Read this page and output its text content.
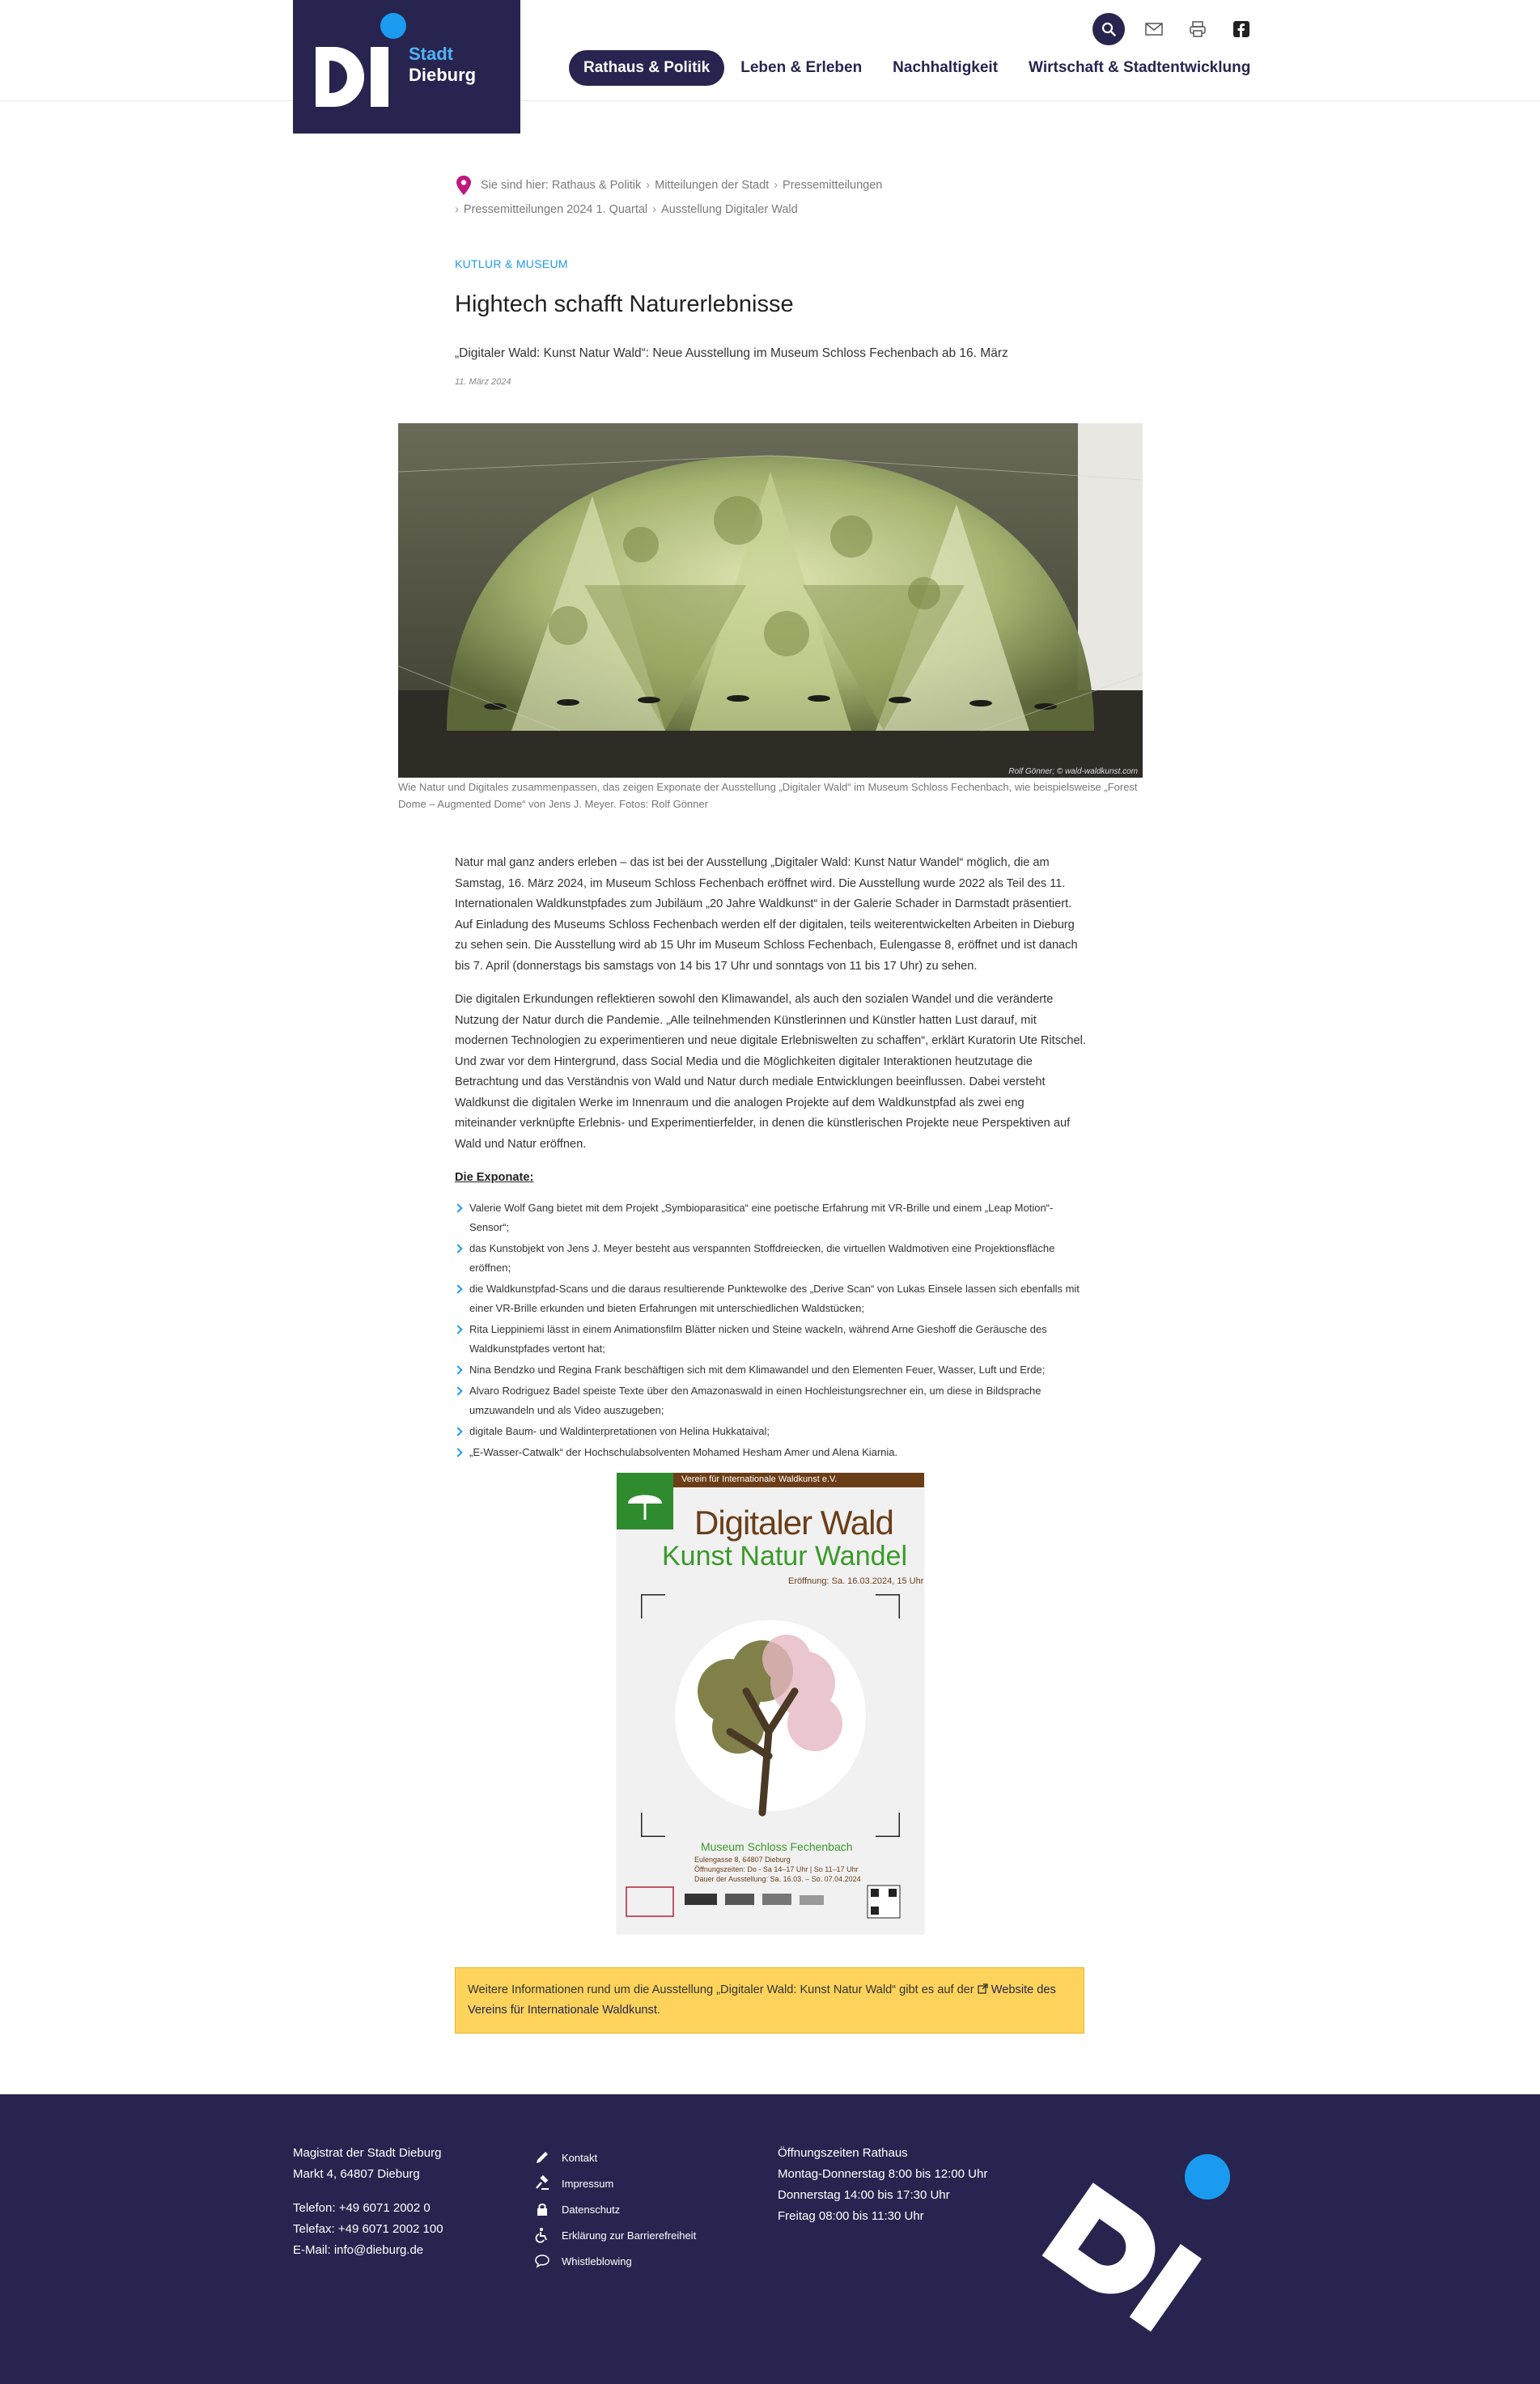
Stadt
Dieburg	Rathaus & Politik	Leben & Erleben	Nachhaltigkeit	Wirtschaft & Stadtentwicklung
Sie sind hier:
Rathaus & Politik › Mitteilungen der Stadt › Pressemitteilungen
› Pressemitteilungen 2024 1. Quartal › Ausstellung Digitaler Wald
KUTLUR & MUSEUM
Hightech schafft Naturerlebnisse
„Digitaler Wald: Kunst Natur Wald“: Neue Ausstellung im Museum Schloss Fechenbach ab 16. März
11. März 2024
Rolf Gönner; © wald-waldkunst.com
Wie Natur und Digitales zusammenpassen, das zeigen Exponate der Ausstellung „Digitaler Wald“ im Museum Schloss Fechenbach, wie beispielsweise „Forest Dome – Augmented Dome“ von Jens J. Meyer. Fotos: Rolf Gönner

Natur mal ganz anders erleben – das ist bei der Ausstellung „Digitaler Wald: Kunst Natur Wandel“ möglich, die am Samstag, 16. März 2024, im Museum Schloss Fechenbach eröffnet wird. Die Ausstellung wurde 2022 als Teil des 11. Internationalen Waldkunstpfades zum Jubiläum „20 Jahre Waldkunst“ in der Galerie Schader in Darmstadt präsentiert. Auf Einladung des Museums Schloss Fechenbach werden elf der digitalen, teils weiterentwickelten Arbeiten in Dieburg zu sehen sein. Die Ausstellung wird ab 15 Uhr im Museum Schloss Fechenbach, Eulengasse 8, eröffnet und ist danach bis 7. April (donnerstags bis samstags von 14 bis 17 Uhr und sonntags von 11 bis 17 Uhr) zu sehen.

Die digitalen Erkundungen reflektieren sowohl den Klimawandel, als auch den sozialen Wandel und die veränderte Nutzung der Natur durch die Pandemie. „Alle teilnehmenden Künstlerinnen und Künstler hatten Lust darauf, mit modernen Technologien zu experimentieren und neue digitale Erlebniswelten zu schaffen“, erklärt Kuratorin Ute Ritschel. Und zwar vor dem Hintergrund, dass Social Media und die Möglichkeiten digitaler Interaktionen heutzutage die Betrachtung und das Verständnis von Wald und Natur durch mediale Entwicklungen beeinflussen. Dabei versteht Waldkunst die digitalen Werke im Innenraum und die analogen Projekte auf dem Waldkunstpfad als zwei eng miteinander verknüpfte Erlebnis- und Experimentierfelder, in denen die künstlerischen Projekte neue Perspektiven auf Wald und Natur eröffnen.

Die Exponate:
Valerie Wolf Gang bietet mit dem Projekt „Symbioparasitica“ eine poetische Erfahrung mit VR-Brille und einem „Leap Motion“-Sensor“;
das Kunstobjekt von Jens J. Meyer besteht aus verspannten Stoffdreiecken, die virtuellen Waldmotiven eine Projektionsfläche eröffnen;
die Waldkunstpfad-Scans und die daraus resultierende Punktewolke des „Derive Scan“ von Lukas Einsele lassen sich ebenfalls mit einer VR-Brille erkunden und bieten Erfahrungen mit unterschiedlichen Waldstücken;
Rita Lieppiniemi lässt in einem Animationsfilm Blätter nicken und Steine wackeln, während Arne Gieshoff die Geräusche des Waldkunstpfades vertont hat;
Nina Bendzko und Regina Frank beschäftigen sich mit dem Klimawandel und den Elementen Feuer, Wasser, Luft und Erde;
Alvaro Rodriguez Badel speiste Texte über den Amazonaswald in einen Hochleistungsrechner ein, um diese in Bildsprache umzuwandeln und als Video auszugeben;
digitale Baum- und Waldinterpretationen von Helina Hukkataival;
„E-Wasser-Catwalk“ der Hochschulabsolventen Mohamed Hesham Amer und Alena Kiarnia.
Verein für Internationale Waldkunst e.V.
Digitaler Wald
Kunst Natur Wandel
Eröffnung: Sa. 16.03.2024, 15 Uhr
Museum Schloss Fechenbach
Eulengasse 8, 64807 Dieburg
Öffnungszeiten: Do - Sa 14–17 Uhr | So 11–17 Uhr
Dauer der Ausstellung: Sa. 16.03. – So. 07.04.2024
Weitere Informationen rund um die Ausstellung „Digitaler Wald: Kunst Natur Wald“ gibt es auf der Website des Vereins für Internationale Waldkunst.
Magistrat der Stadt Dieburg
Markt 4, 64807 Dieburg
Telefon: +49 6071 2002 0
Telefax: +49 6071 2002 100
E-Mail: info@dieburg.de
Kontakt
Impressum
Datenschutz
Erklärung zur Barrierefreiheit
Whistleblowing
Öffnungszeiten Rathaus
Montag-Donnerstag 8:00 bis 12:00 Uhr
Donnerstag 14:00 bis 17:30 Uhr
Freitag 08:00 bis 11:30 Uhr
